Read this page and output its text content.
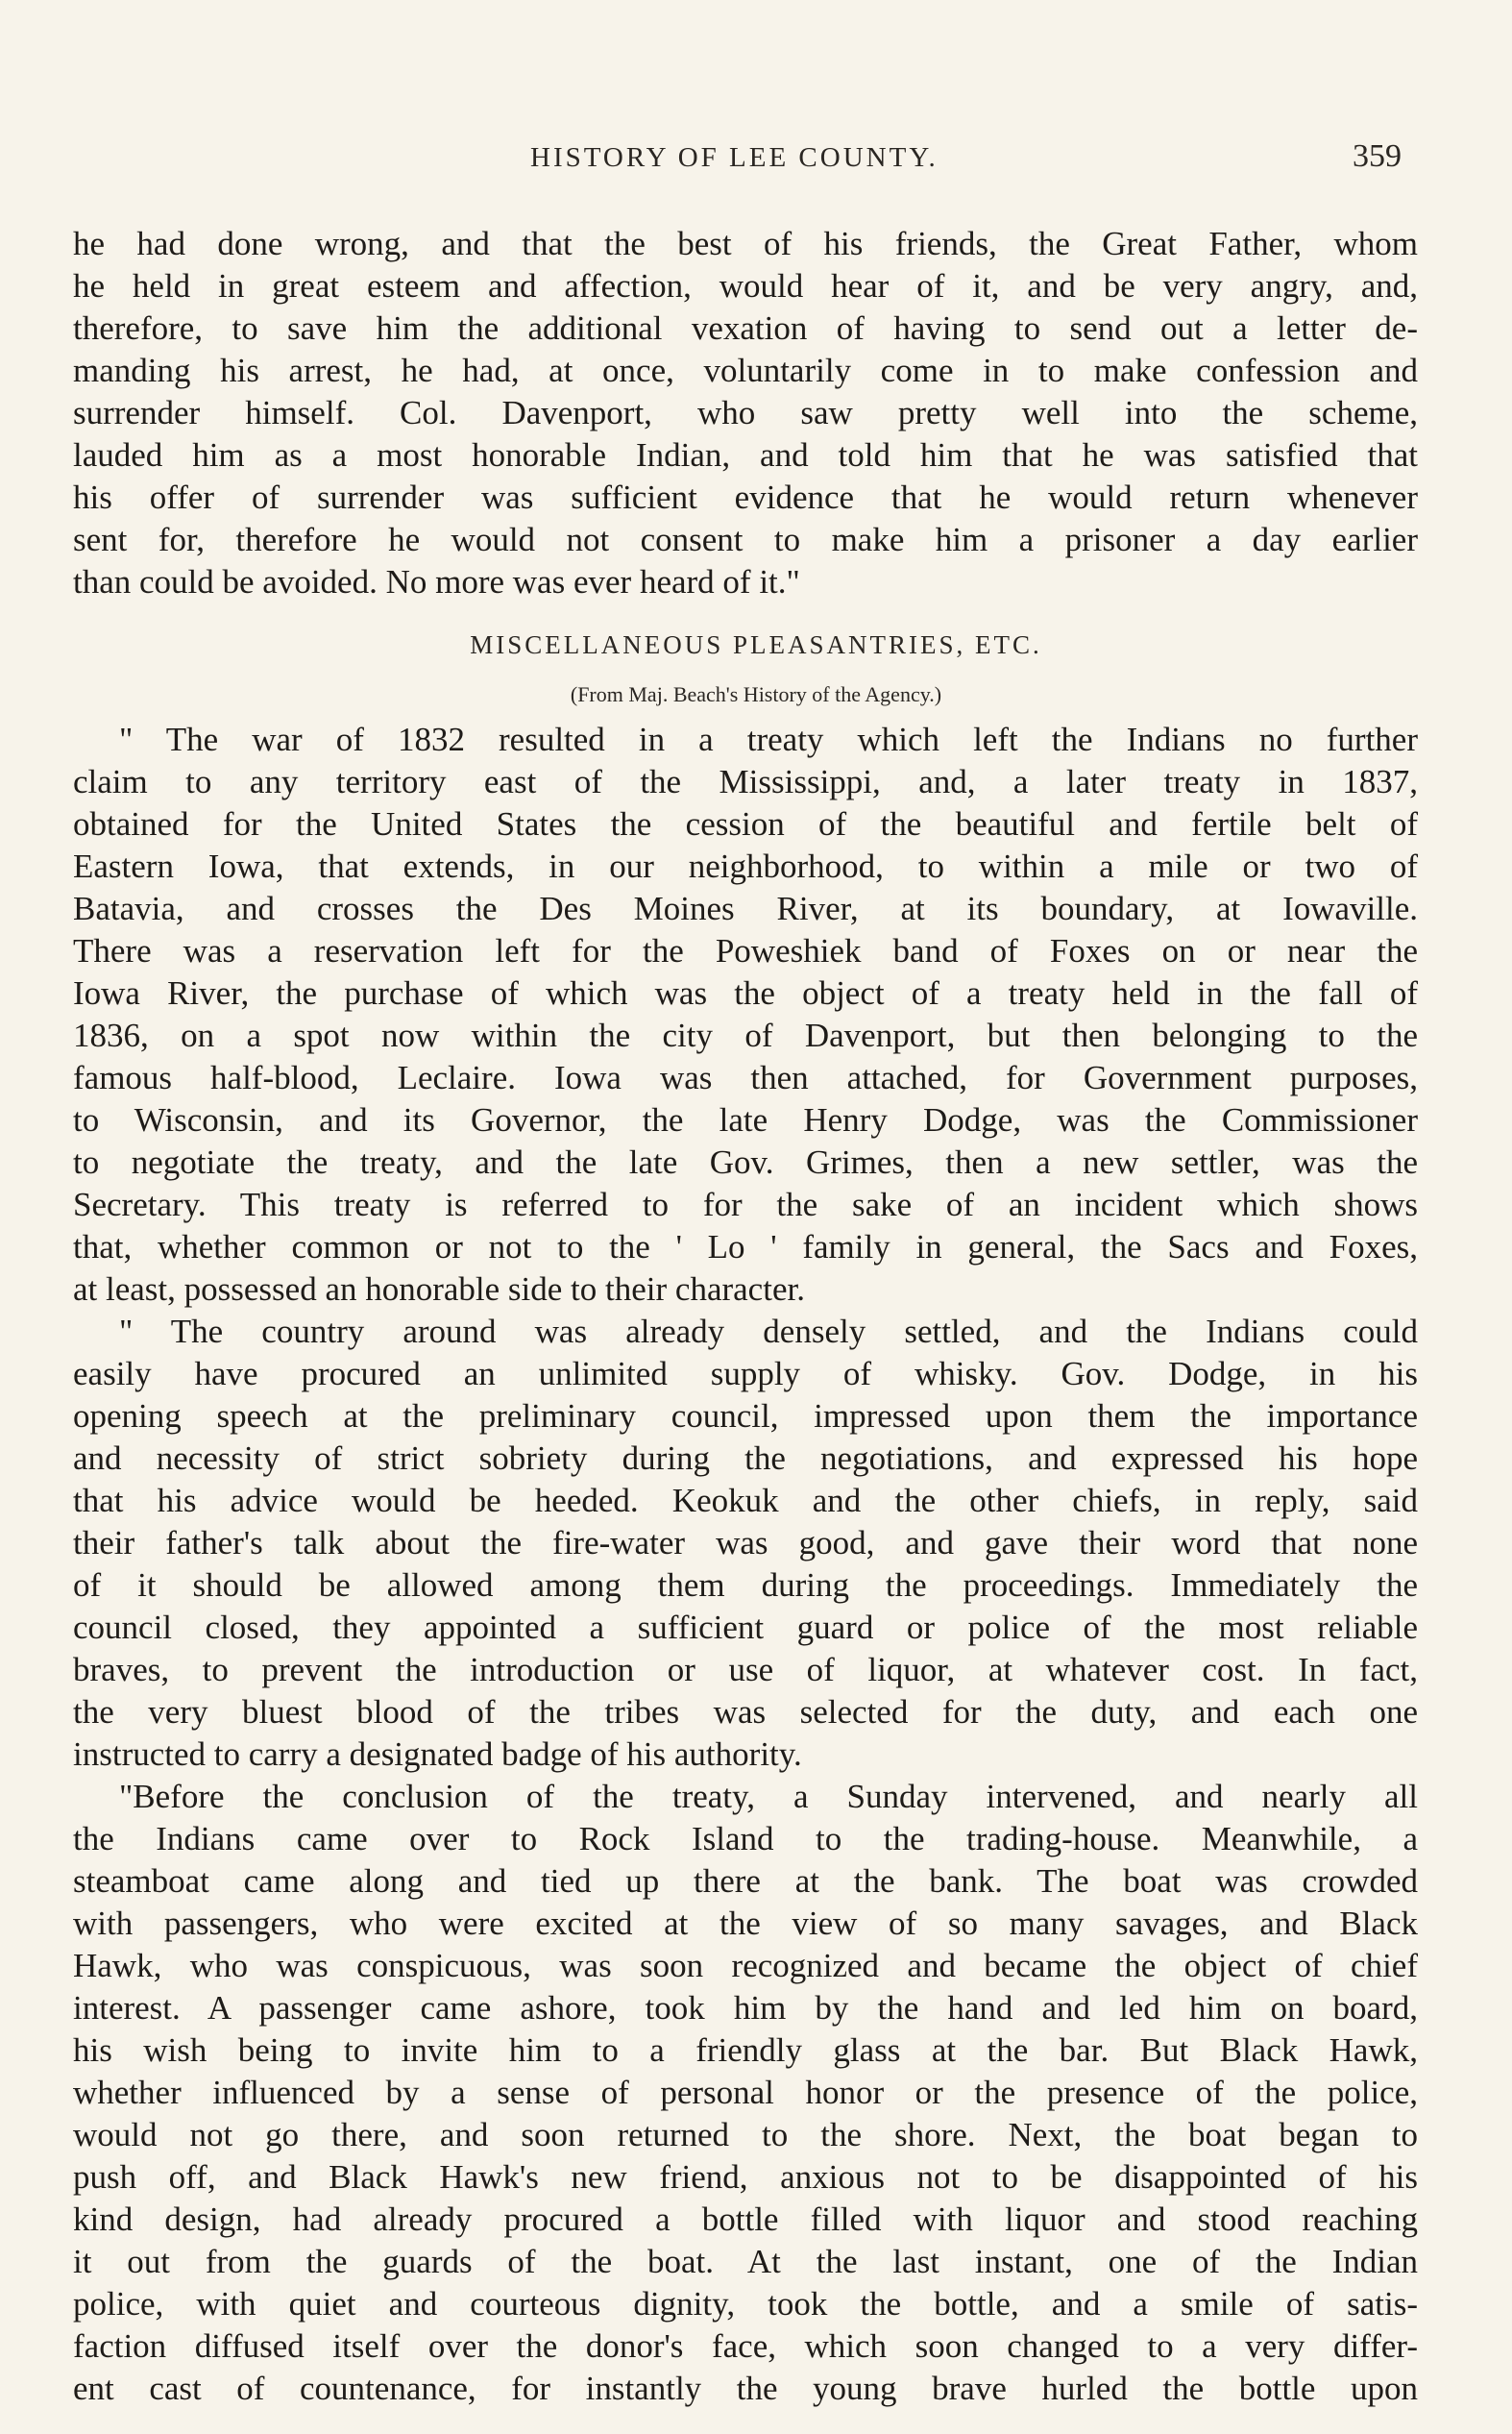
HISTORY OF LEE COUNTY.	359
he had done wrong, and that the best of his friends, the Great Father, whom
he held in great esteem and affection, would hear of it, and be very angry, and,
therefore, to save him the additional vexation of having to send out a letter de-
manding his arrest, he had, at once, voluntarily come in to make confession and
surrender himself. Col. Davenport, who saw pretty well into the scheme,
lauded him as a most honorable Indian, and told him that he was satisfied that
his offer of surrender was sufficient evidence that he would return whenever
sent for, therefore he would not consent to make him a prisoner a day earlier
than could be avoided. No more was ever heard of it."
MISCELLANEOUS PLEASANTRIES, ETC.
(From Maj. Beach's History of the Agency.)
" The war of 1832 resulted in a treaty which left the Indians no further
claim to any territory east of the Mississippi, and, a later treaty in 1837,
obtained for the United States the cession of the beautiful and fertile belt of
Eastern Iowa, that extends, in our neighborhood, to within a mile or two of
Batavia, and crosses the Des Moines River, at its boundary, at Iowaville.
There was a reservation left for the Poweshiek band of Foxes on or near the
Iowa River, the purchase of which was the object of a treaty held in the fall of
1836, on a spot now within the city of Davenport, but then belonging to the
famous half-blood, Leclaire. Iowa was then attached, for Government purposes,
to Wisconsin, and its Governor, the late Henry Dodge, was the Commissioner
to negotiate the treaty, and the late Gov. Grimes, then a new settler, was the
Secretary. This treaty is referred to for the sake of an incident which shows
that, whether common or not to the ' Lo ' family in general, the Sacs and Foxes,
at least, possessed an honorable side to their character.
" The country around was already densely settled, and the Indians could
easily have procured an unlimited supply of whisky. Gov. Dodge, in his
opening speech at the preliminary council, impressed upon them the importance
and necessity of strict sobriety during the negotiations, and expressed his hope
that his advice would be heeded. Keokuk and the other chiefs, in reply, said
their father's talk about the fire-water was good, and gave their word that none
of it should be allowed among them during the proceedings. Immediately the
council closed, they appointed a sufficient guard or police of the most reliable
braves, to prevent the introduction or use of liquor, at whatever cost. In fact,
the very bluest blood of the tribes was selected for the duty, and each one
instructed to carry a designated badge of his authority.
"Before the conclusion of the treaty, a Sunday intervened, and nearly all
the Indians came over to Rock Island to the trading-house. Meanwhile, a
steamboat came along and tied up there at the bank. The boat was crowded
with passengers, who were excited at the view of so many savages, and Black
Hawk, who was conspicuous, was soon recognized and became the object of chief
interest. A passenger came ashore, took him by the hand and led him on board,
his wish being to invite him to a friendly glass at the bar. But Black Hawk,
whether influenced by a sense of personal honor or the presence of the police,
would not go there, and soon returned to the shore. Next, the boat began to
push off, and Black Hawk's new friend, anxious not to be disappointed of his
kind design, had already procured a bottle filled with liquor and stood reaching
it out from the guards of the boat. At the last instant, one of the Indian
police, with quiet and courteous dignity, took the bottle, and a smile of satis-
faction diffused itself over the donor's face, which soon changed to a very differ-
ent cast of countenance, for instantly the young brave hurled the bottle upon
